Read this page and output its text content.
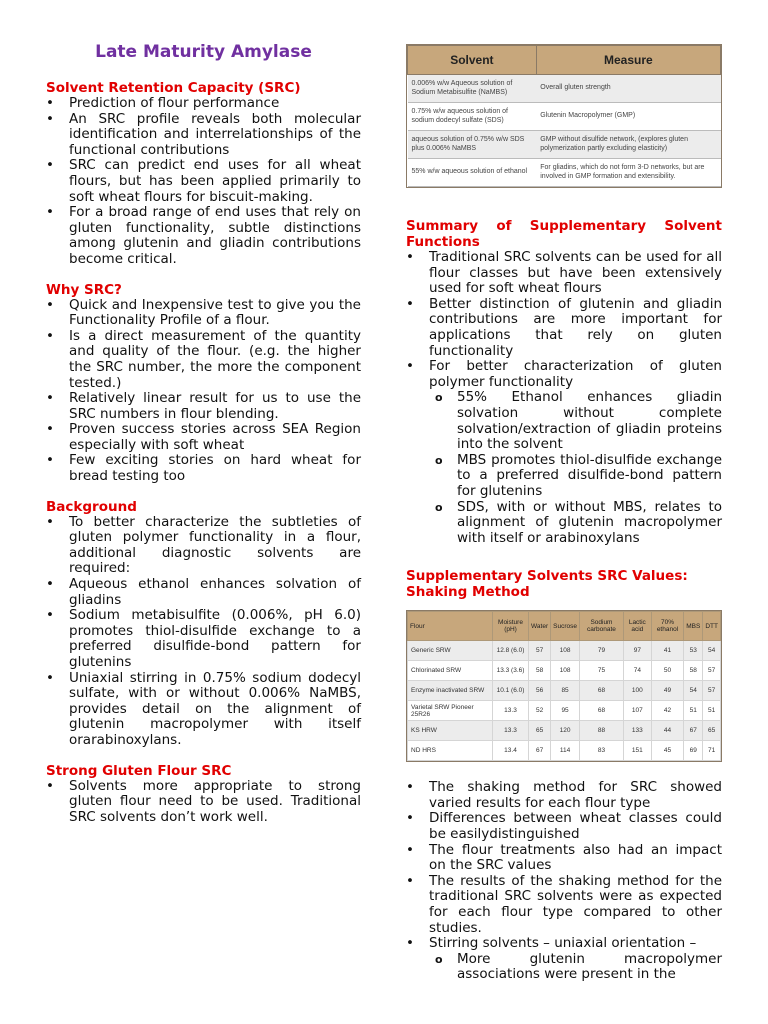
Late Maturity Amylase

Solvent Retention Capacity (SRC)

• Prediction of flour performance
• An SRC profile reveals both molecular identification and interrelationships of the functional contributions
• SRC can predict end uses for all wheat flours, but has been applied primarily to soft wheat flours for biscuit-making.
• For a broad range of end uses that rely on gluten functionality, subtle distinctions among glutenin and gliadin contributions become critical.

Why SRC?

• Quick and Inexpensive test to give you the Functionality Profile of a flour.
• Is a direct measurement of the quantity and quality of the flour. (e.g. the higher the SRC number, the more the component tested.)
• Relatively linear result for us to use the SRC numbers in flour blending.
• Proven success stories across SEA Region especially with soft wheat
• Few exciting stories on hard wheat for bread testing too

Background

• To better characterize the subtleties of gluten polymer functionality in a flour, additional diagnostic solvents are required:
• Aqueous ethanol enhances solvation of gliadins
• Sodium metabisulfite (0.006%, pH 6.0) promotes thiol-disulfide exchange to a preferred disulfide-bond pattern for glutenins
• Uniaxial stirring in 0.75% sodium dodecyl sulfate, with or without 0.006% NaMBS, provides detail on the alignment of glutenin macropolymer with itself orarabinoxylans.

Strong Gluten Flour SRC

• Solvents more appropriate to strong gluten flour need to be used. Traditional SRC solvents don’t work well.
Solvent	Measure
0.006% w/w Aqueous solution of Sodium Metabisulfite (NaMBS)	Overall gluten strength
0.75% w/w aqueous solution of sodium dodecyl sulfate (SDS)	Glutenin Macropolymer (GMP)
aqueous solution of 0.75% w/w SDS plus 0.006% NaMBS	GMP without disulfide network, (explores gluten polymerization partly excluding elasticity)
55% w/w aqueous solution of ethanol	For gliadins, which do not form 3-D networks, but are involved in GMP formation and extensibility.

Summary of Supplementary Solvent Functions

• Traditional SRC solvents can be used for all flour classes but have been extensively used for soft wheat flours
• Better distinction of glutenin and gliadin contributions are more important for applications that rely on gluten functionality
• For better characterization of gluten polymer functionality
o 55% Ethanol enhances gliadin solvation without complete solvation/extraction of gliadin proteins into the solvent
o MBS promotes thiol-disulfide exchange to a preferred disulfide-bond pattern for glutenins
o SDS, with or without MBS, relates to alignment of glutenin macropolymer with itself or arabinoxylans

Supplementary Solvents SRC Values: Shaking Method

Flour	Moisture (pH)	Water	Sucrose	Sodium carbonate	Lactic acid	70% ethanol	MBS	DTT
Generic SRW	12.8 (6.0)	57	108	79	97	41	53	54
Chlorinated SRW	13.3 (3.6)	58	108	75	74	50	58	57
Enzyme inactivated SRW	10.1 (6.0)	56	85	68	100	49	54	57
Varietal SRW Pioneer 25R26	13.3	52	95	68	107	42	51	51
KS HRW	13.3	65	120	88	133	44	67	65
ND HRS	13.4	67	114	83	151	45	69	71
• The shaking method for SRC showed varied results for each flour type
• Differences between wheat classes could be easilydistinguished
• The flour treatments also had an impact on the SRC values
• The results of the shaking method for the traditional SRC solvents were as expected for each flour type compared to other studies.
• Stirring solvents – uniaxial orientation –
o More glutenin macropolymer associations were present in the
